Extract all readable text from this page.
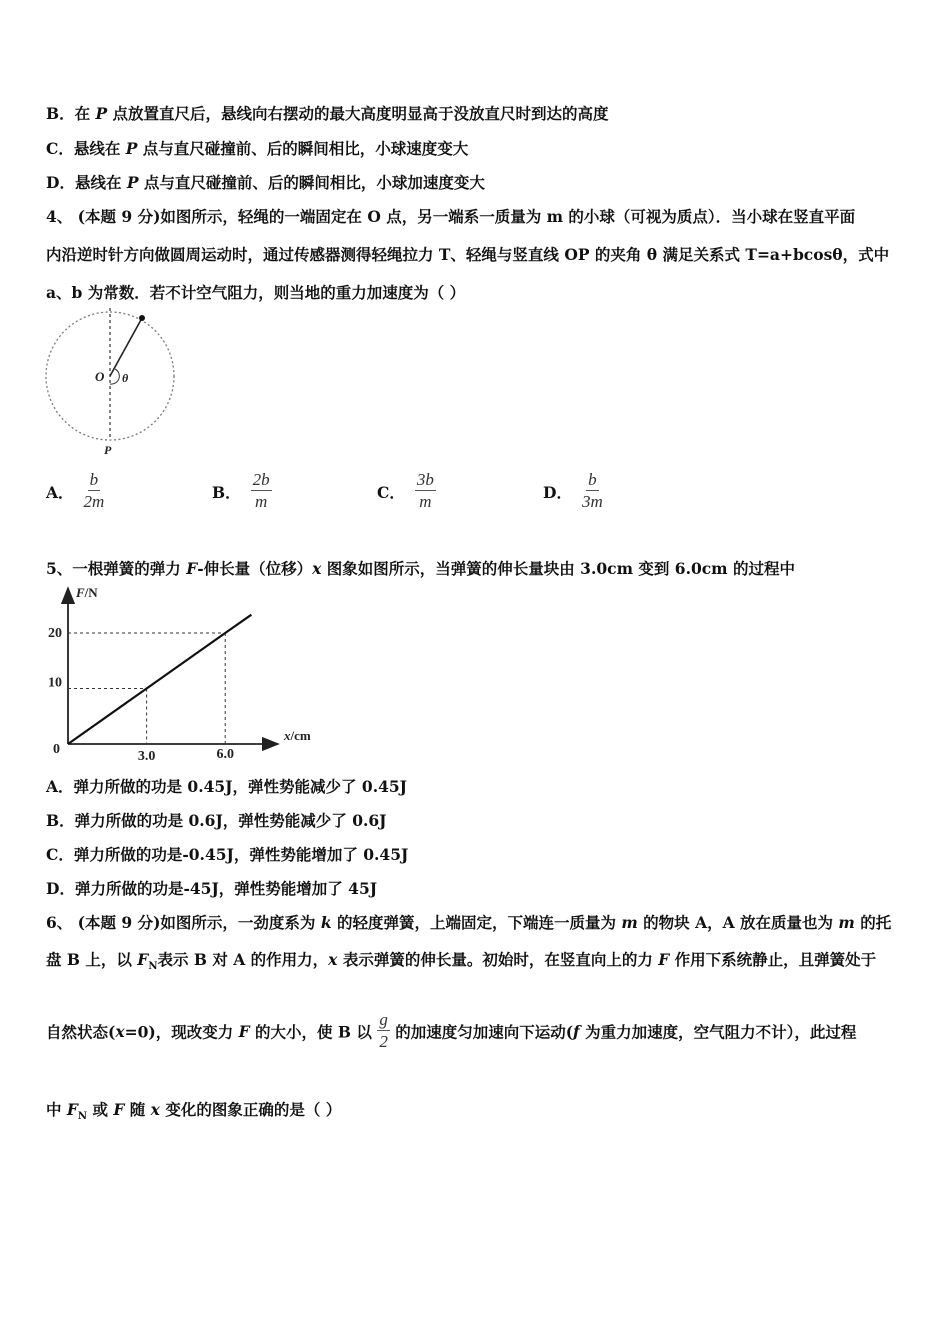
B．在 P 点放置直尺后，悬线向右摆动的最大高度明显高于没放直尺时到达的高度
C．悬线在 P 点与直尺碰撞前、后的瞬间相比，小球速度变大
D．悬线在 P 点与直尺碰撞前、后的瞬间相比，小球加速度变大
4、 (本题 9 分)如图所示，轻绳的一端固定在 O 点，另一端系一质量为 m 的小球（可视为质点）．当小球在竖直平面
内沿逆时针方向做圆周运动时，通过传感器测得轻绳拉力 T、轻绳与竖直线 OP 的夹角 θ 满足关系式 T=a+bcosθ，式中
a、b 为常数．若不计空气阻力，则当地的重力加速度为（ ）
O θ
P
A． $\frac{b}{2m}$	B． $\frac{2b}{m}$	C． $\frac{3b}{m}$	D． $\frac{b}{3m}$
5、一根弹簧的弹力 F-伸长量（位移）x 图象如图所示，当弹簧的伸长量块由 3.0cm 变到 6.0cm 的过程中
F/N
x/cm
20
10
0	3.0	6.0
A．弹力所做的功是 0.45J，弹性势能减少了 0.45J
B．弹力所做的功是 0.6J，弹性势能减少了 0.6J
C．弹力所做的功是-0.45J，弹性势能增加了 0.45J
D．弹力所做的功是-45J，弹性势能增加了 45J
6、 (本题 9 分)如图所示，一劲度系为 k 的轻度弹簧，上端固定，下端连一质量为 m 的物块 A，A 放在质量也为 m 的托
盘 B 上，以 $F_N$表示 B 对 A 的作用力，x 表示弹簧的伸长量。初始时，在竖直向上的力 F 作用下系统静止，且弹簧处于
自然状态(x=0)，现改变力 F 的大小，使 B 以 $\frac{g}{2}$ 的加速度匀加速向下运动(f 为重力加速度，空气阻力不计），此过程
中 $F_N$ 或 F 随 x 变化的图象正确的是（ ）
